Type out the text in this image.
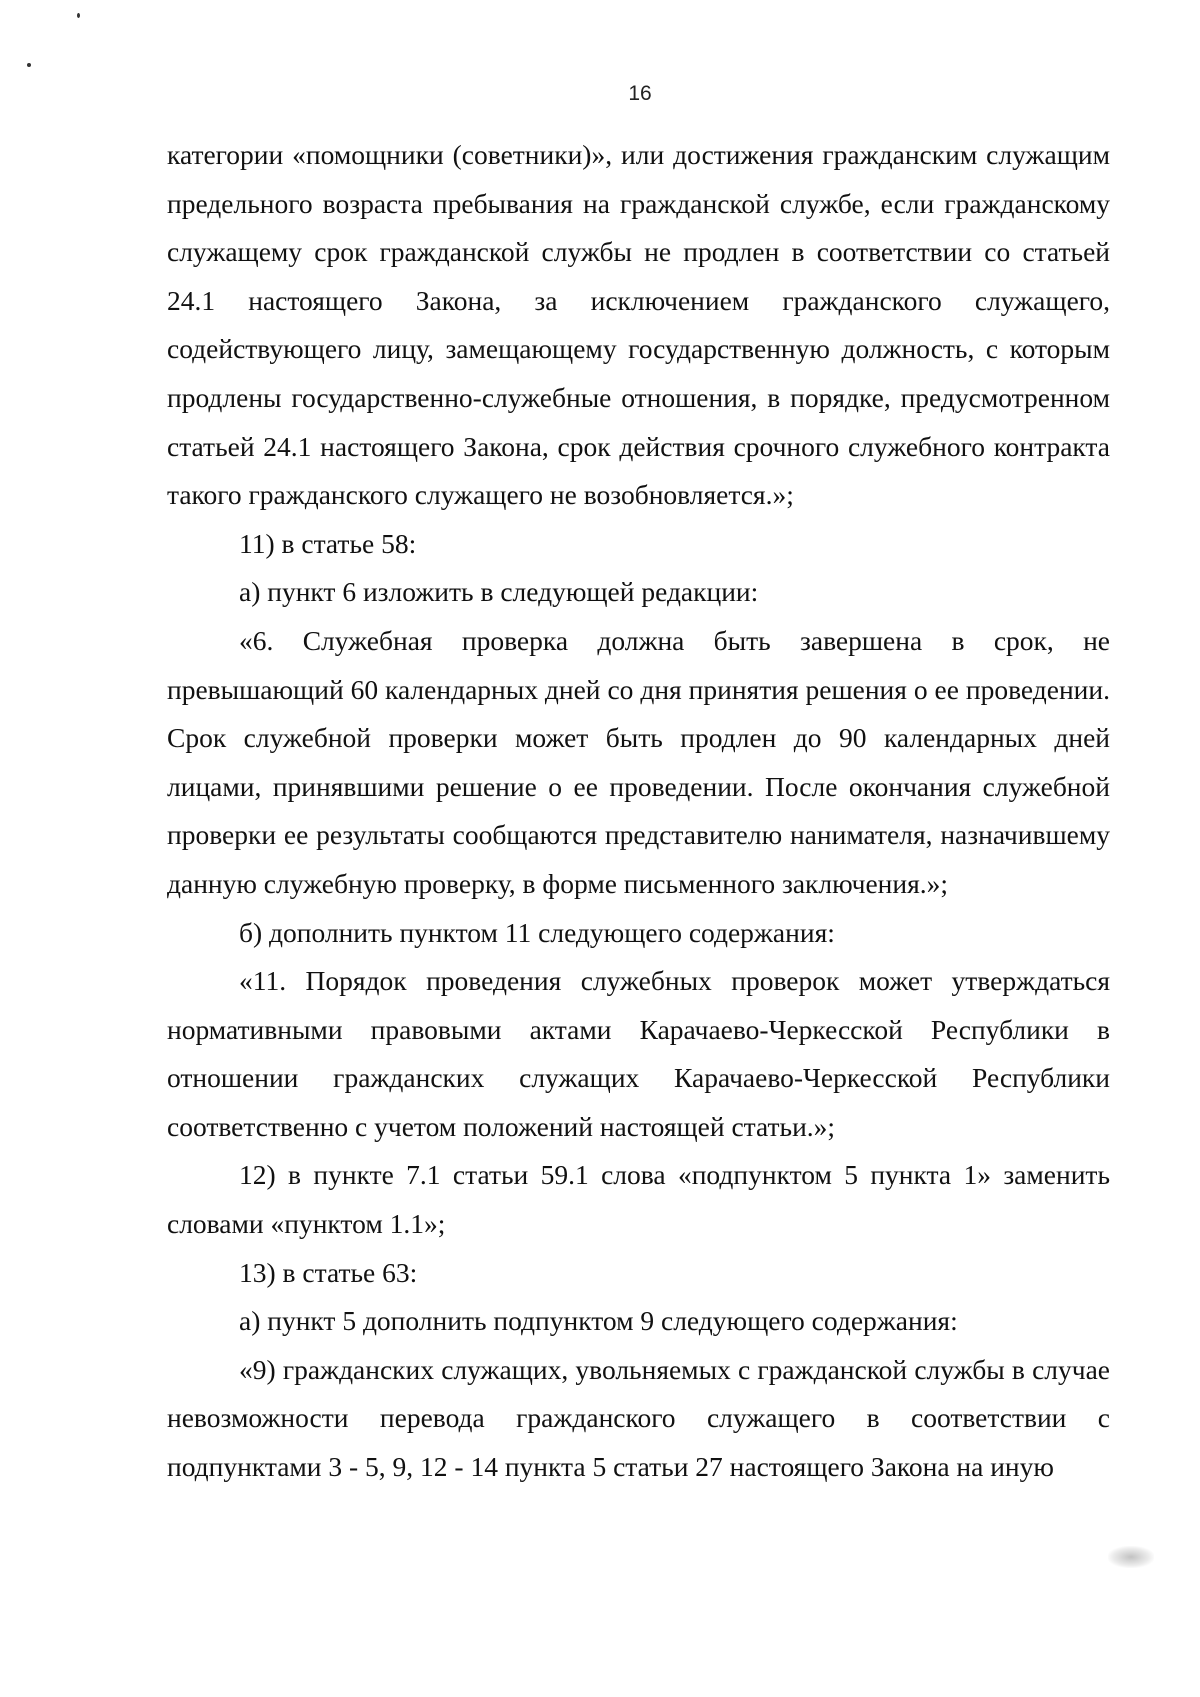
16

категории «помощники (советники)», или достижения гражданским служащим предельного возраста пребывания на гражданской службе, если гражданскому служащему срок гражданской службы не продлен в соответствии со статьей 24.1 настоящего Закона, за исключением гражданского служащего, содействующего лицу, замещающему государственную должность, с которым продлены государственно-служебные отношения, в порядке, предусмотренном статьей 24.1 настоящего Закона, срок действия срочного служебного контракта такого гражданского служащего не возобновляется.»;

11) в статье 58:

а) пункт 6 изложить в следующей редакции:

«6. Служебная проверка должна быть завершена в срок, не превышающий 60 календарных дней со дня принятия решения о ее проведении. Срок служебной проверки может быть продлен до 90 календарных дней лицами, принявшими решение о ее проведении. После окончания служебной проверки ее результаты сообщаются представителю нанимателя, назначившему данную служебную проверку, в форме письменного заключения.»;

б) дополнить пунктом 11 следующего содержания:

«11. Порядок проведения служебных проверок может утверждаться нормативными правовыми актами Карачаево-Черкесской Республики в отношении гражданских служащих Карачаево-Черкесской Республики соответственно с учетом положений настоящей статьи.»;

12) в пункте 7.1 статьи 59.1 слова «подпунктом 5 пункта 1» заменить словами «пунктом 1.1»;

13) в статье 63:

а) пункт 5 дополнить подпунктом 9 следующего содержания:

«9) гражданских служащих, увольняемых с гражданской службы в случае невозможности перевода гражданского служащего в соответствии с подпунктами 3 - 5, 9, 12 - 14 пункта 5 статьи 27 настоящего Закона на иную
